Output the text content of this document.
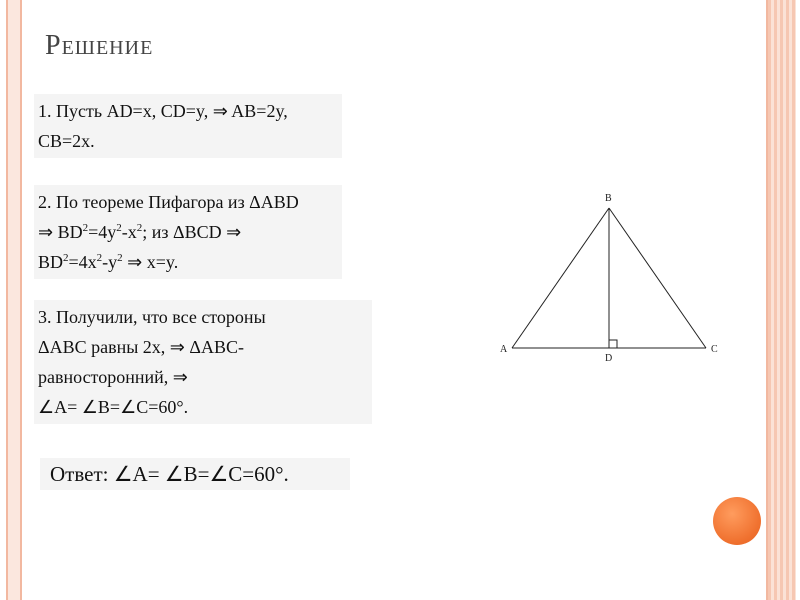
Решение
1. Пусть AD=x, CD=y, ⇒ AB=2y,
CB=2x.
2. По теореме Пифагора из ΔABD
⇒ $BD^2=4y^2-x^2$; из ΔBCD ⇒
$BD^2=4x^2-y^2$ ⇒ x=y.
3. Получили, что все стороны
ΔABC равны 2x, ⇒ ΔABC-
равносторонний, ⇒
∠A= ∠B=∠C=60°.
Ответ: ∠A= ∠B=∠C=60°.
A
B
C
D
